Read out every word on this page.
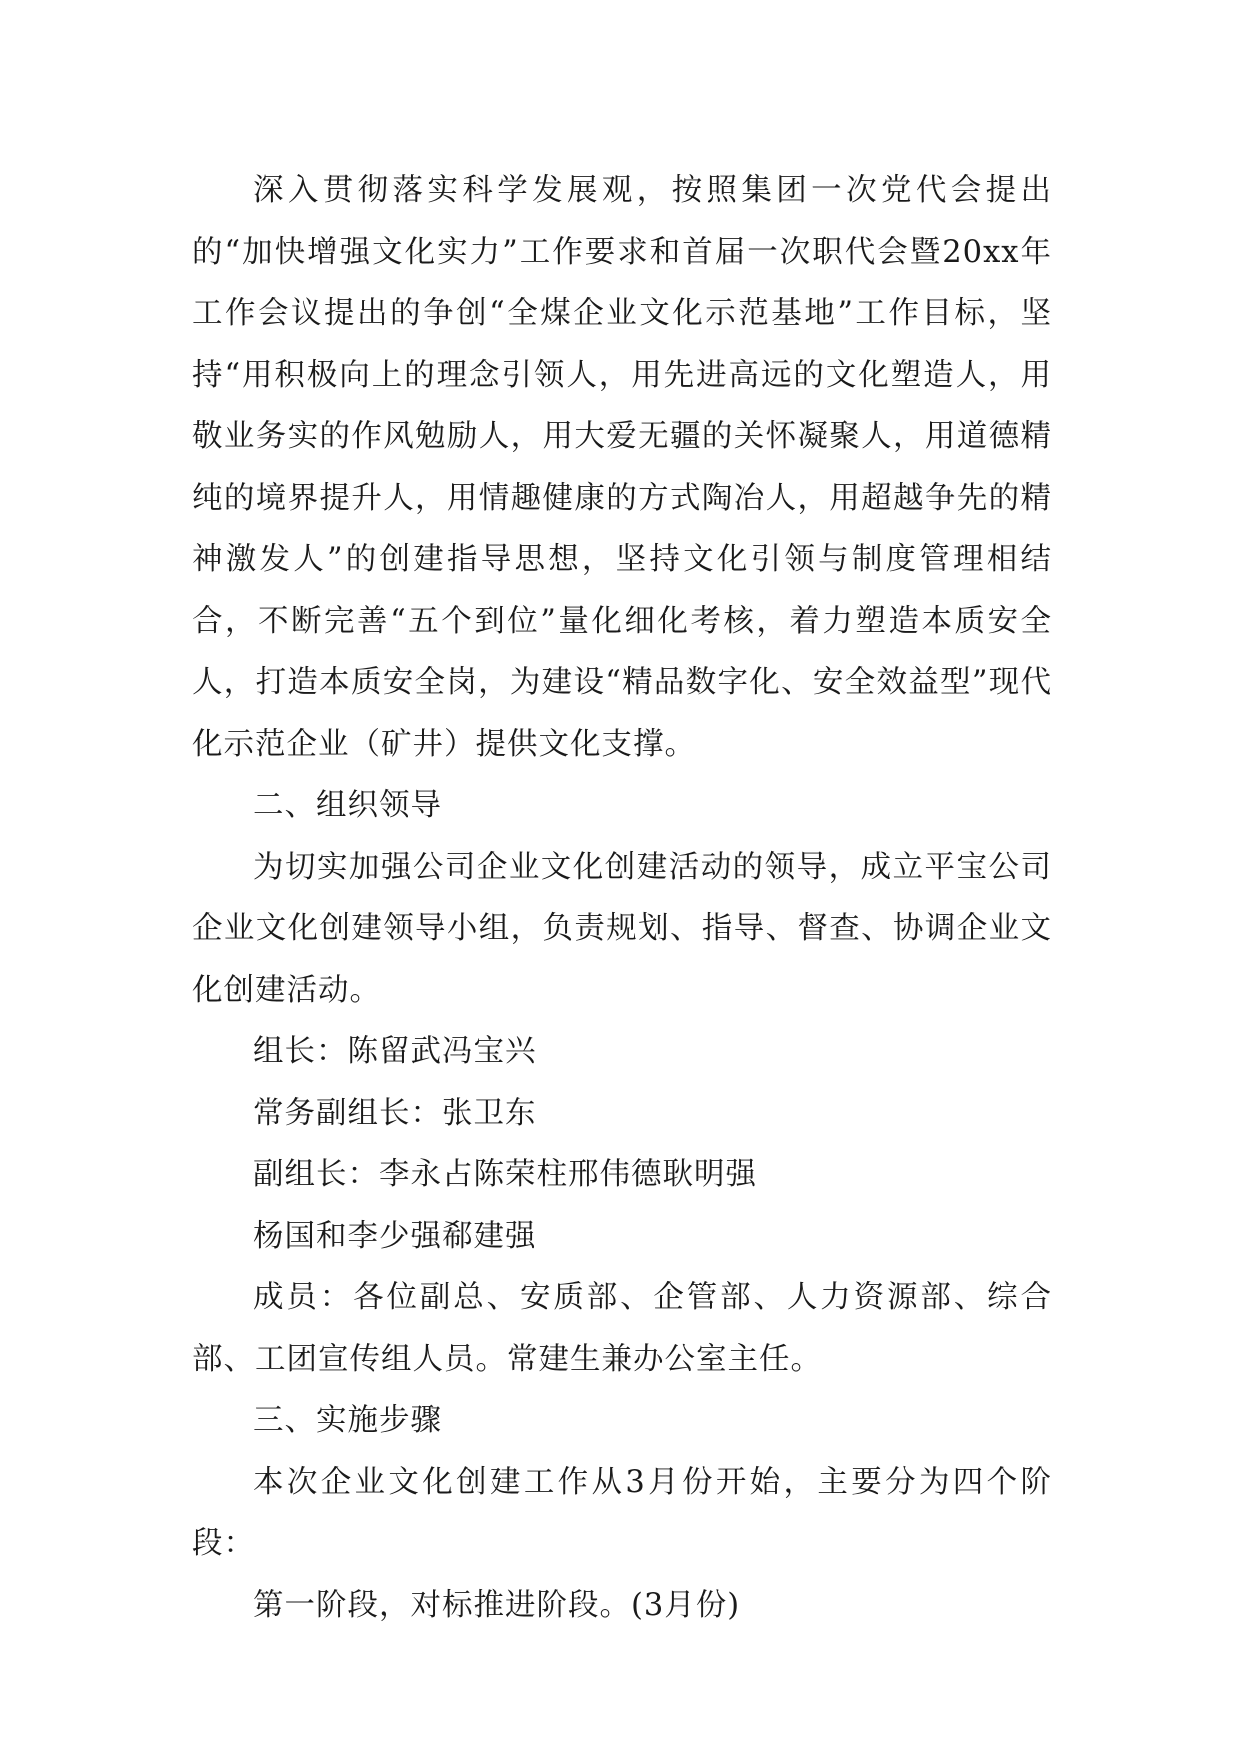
深入贯彻落实科学发展观，按照集团一次党代会提出的“加快增强文化实力”工作要求和首届一次职代会暨20xx年工作会议提出的争创“全煤企业文化示范基地”工作目标，坚持“用积极向上的理念引领人，用先进高远的文化塑造人，用敬业务实的作风勉励人，用大爱无疆的关怀凝聚人，用道德精纯的境界提升人，用情趣健康的方式陶冶人，用超越争先的精神激发人”的创建指导思想，坚持文化引领与制度管理相结合，不断完善“五个到位”量化细化考核，着力塑造本质安全人，打造本质安全岗，为建设“精品数字化、安全效益型”现代化示范企业（矿井）提供文化支撑。

二、组织领导

为切实加强公司企业文化创建活动的领导，成立平宝公司企业文化创建领导小组，负责规划、指导、督查、协调企业文化创建活动。

组长：陈留武冯宝兴

常务副组长：张卫东

副组长：李永占陈荣柱邢伟德耿明强

杨国和李少强郗建强

成员：各位副总、安质部、企管部、人力资源部、综合部、工团宣传组人员。常建生兼办公室主任。

三、实施步骤

本次企业文化创建工作从3月份开始，主要分为四个阶段：

第一阶段，对标推进阶段。(3月份)
